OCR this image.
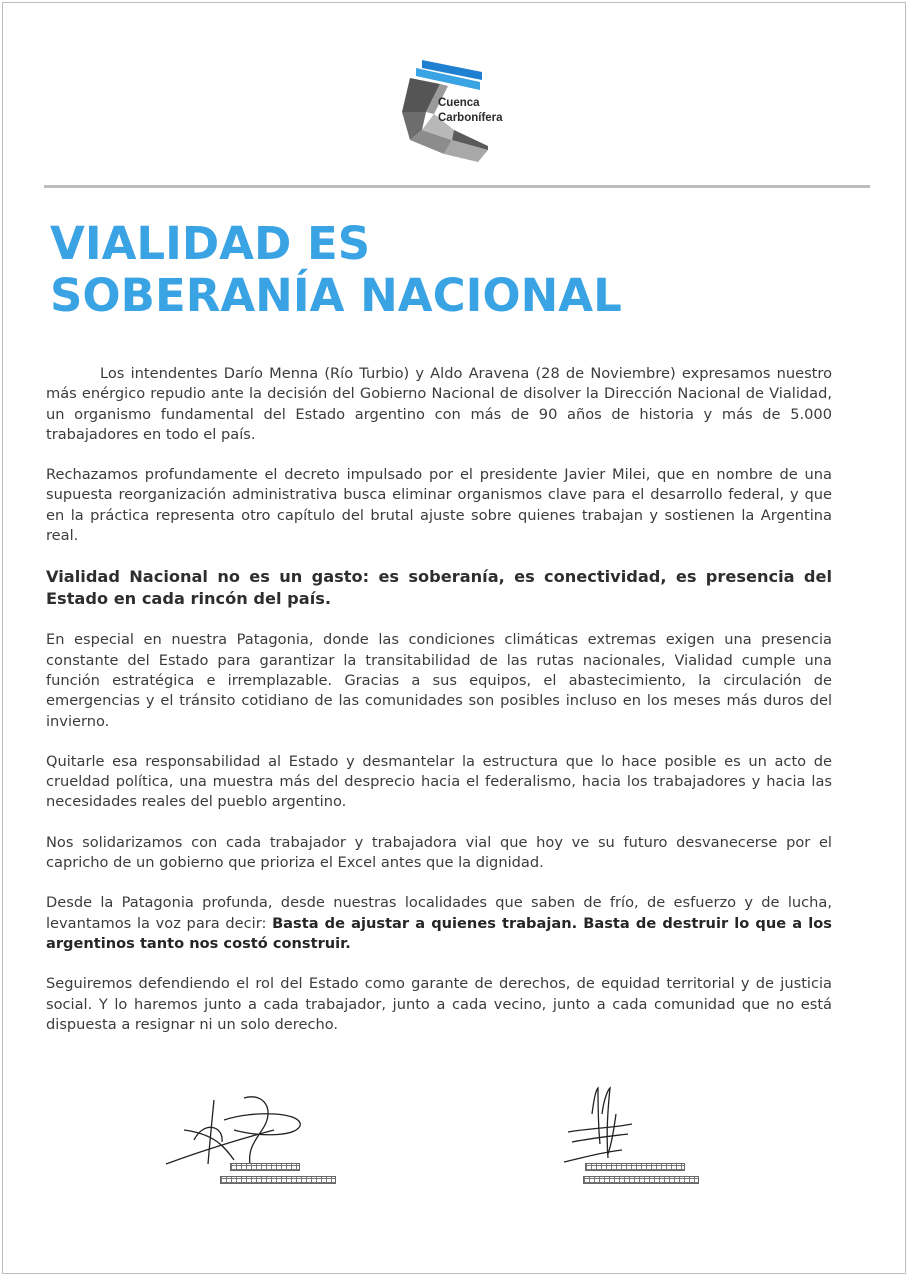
Cuenca
Carbonífera
VIALIDAD ES
SOBERANÍA NACIONAL

Los intendentes Darío Menna (Río Turbio) y Aldo Aravena (28 de Noviembre) expresamos nuestro más enérgico repudio ante la decisión del Gobierno Nacional de disolver la Dirección Nacional de Vialidad, un organismo fundamental del Estado argentino con más de 90 años de historia y más de 5.000 trabajadores en todo el país.

Rechazamos profundamente el decreto impulsado por el presidente Javier Milei, que en nombre de una supuesta reorganización administrativa busca eliminar organismos clave para el desarrollo federal, y que en la práctica representa otro capítulo del brutal ajuste sobre quienes trabajan y sostienen la Argentina real.

Vialidad Nacional no es un gasto: es soberanía, es conectividad, es presencia del Estado en cada rincón del país.

En especial en nuestra Patagonia, donde las condiciones climáticas extremas exigen una presencia constante del Estado para garantizar la transitabilidad de las rutas nacionales, Vialidad cumple una función estratégica e irremplazable. Gracias a sus equipos, el abastecimiento, la circulación de emergencias y el tránsito cotidiano de las comunidades son posibles incluso en los meses más duros del invierno.

Quitarle esa responsabilidad al Estado y desmantelar la estructura que lo hace posible es un acto de crueldad política, una muestra más del desprecio hacia el federalismo, hacia los trabajadores y hacia las necesidades reales del pueblo argentino.

Nos solidarizamos con cada trabajador y trabajadora vial que hoy ve su futuro desvanecerse por el capricho de un gobierno que prioriza el Excel antes que la dignidad.

Desde la Patagonia profunda, desde nuestras localidades que saben de frío, de esfuerzo y de lucha, levantamos la voz para decir: Basta de ajustar a quienes trabajan. Basta de destruir lo que a los argentinos tanto nos costó construir.

Seguiremos defendiendo el rol del Estado como garante de derechos, de equidad territorial y de justicia social. Y lo haremos junto a cada trabajador, junto a cada vecino, junto a cada comunidad que no está dispuesta a resignar ni un solo derecho.
